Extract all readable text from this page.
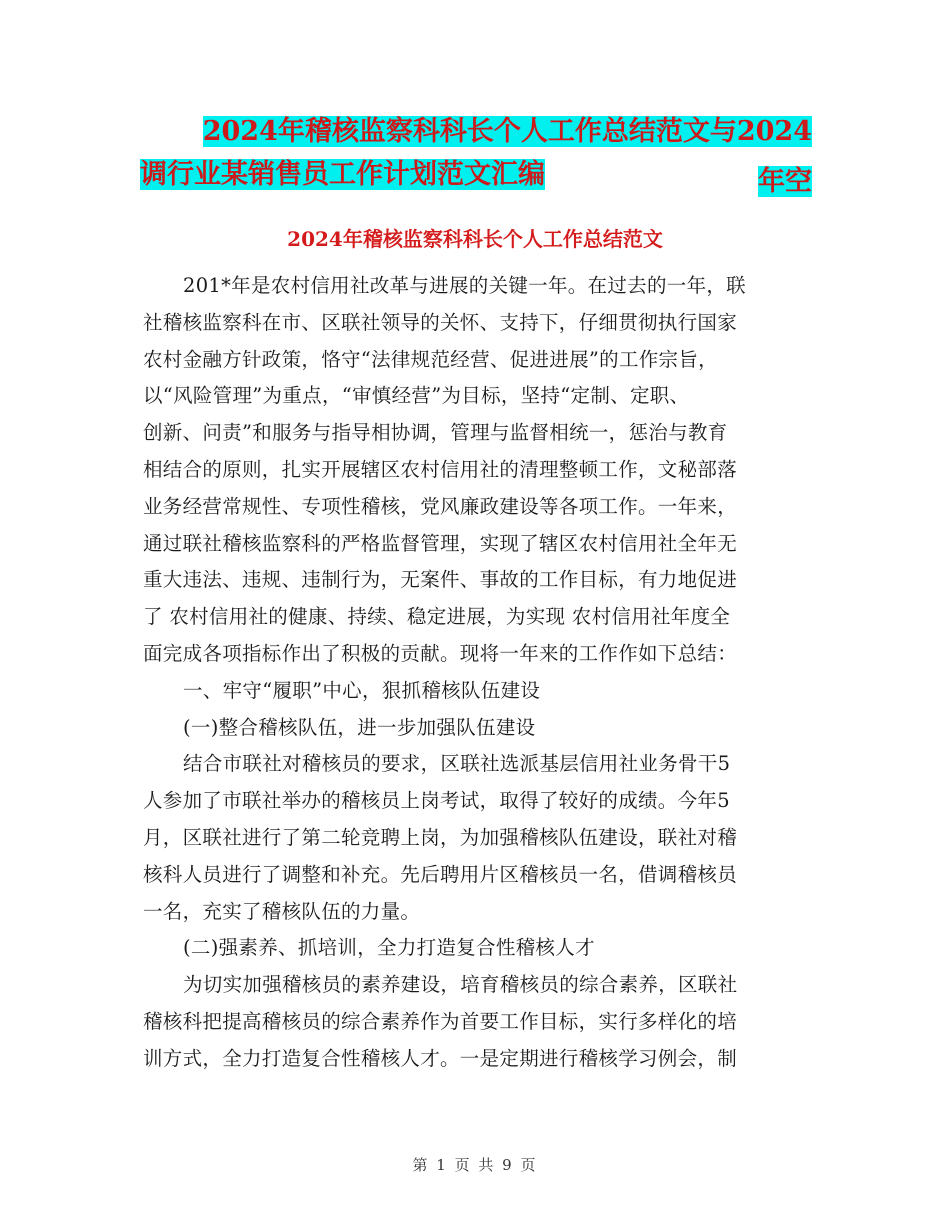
2024年稽核监察科科长个人工作总结范文与2024年空
调行业某销售员工作计划范文汇编
2024年稽核监察科科长个人工作总结范文
201*年是农村信用社改革与进展的关键一年。在过去的一年，联
社稽核监察科在市、区联社领导的关怀、支持下，仔细贯彻执行国家
农村金融方针政策，恪守“法律规范经营、促进进展”的工作宗旨，
以“风险管理”为重点，“审慎经营”为目标，坚持“定制、定职、
创新、问责”和服务与指导相协调，管理与监督相统一，惩治与教育
相结合的原则，扎实开展辖区农村信用社的清理整顿工作，文秘部落
业务经营常规性、专项性稽核，党风廉政建设等各项工作。一年来，
通过联社稽核监察科的严格监督管理，实现了辖区农村信用社全年无
重大违法、违规、违制行为，无案件、事故的工作目标，有力地促进
了 农村信用社的健康、持续、稳定进展，为实现 农村信用社年度全
面完成各项指标作出了积极的贡献。现将一年来的工作作如下总结：
一、牢守“履职”中心，狠抓稽核队伍建设
(一)整合稽核队伍，进一步加强队伍建设
结合市联社对稽核员的要求，区联社选派基层信用社业务骨干5
人参加了市联社举办的稽核员上岗考试，取得了较好的成绩。今年5
月，区联社进行了第二轮竞聘上岗，为加强稽核队伍建设，联社对稽
核科人员进行了调整和补充。先后聘用片区稽核员一名，借调稽核员
一名，充实了稽核队伍的力量。
(二)强素养、抓培训，全力打造复合性稽核人才
为切实加强稽核员的素养建设，培育稽核员的综合素养，区联社
稽核科把提高稽核员的综合素养作为首要工作目标，实行多样化的培
训方式，全力打造复合性稽核人才。一是定期进行稽核学习例会，制
第 1 页 共 9 页
